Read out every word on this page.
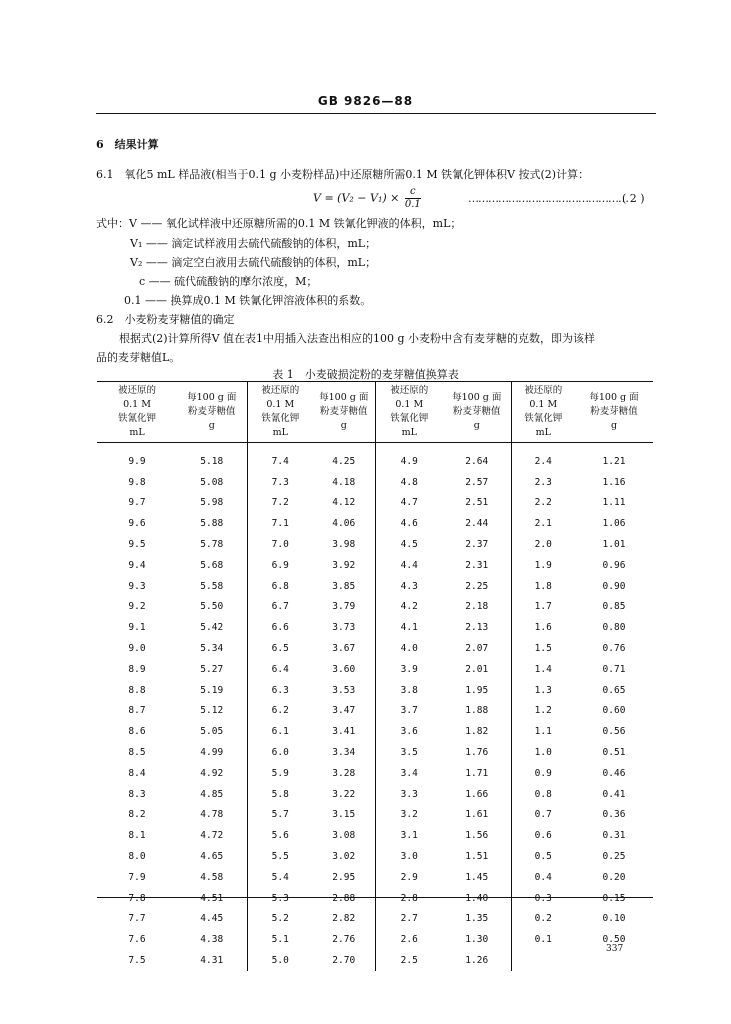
GB 9826—88
6　结果计算
6.1　氧化5 mL 样品液(相当于0.1 g 小麦粉样品)中还原糖所需0.1 M 铁氰化钾体积V 按式(2)计算：
$V = (V_2 - V_1) \times \frac{c}{0.1}$	…………………………………………
( 2 )
式中：V —— 氧化试样液中还原糖所需的0.1 M 铁氰化钾液的体积，mL；
V₁ —— 滴定试样液用去硫代硫酸钠的体积，mL；
V₂ —— 滴定空白液用去硫代硫酸钠的体积，mL；
c —— 硫代硫酸钠的摩尔浓度，M；
0.1 —— 换算成0.1 M 铁氰化钾溶液体积的系数。
6.2　小麦粉麦芽糖值的确定
根据式(2)计算所得V 值在表1中用插入法查出相应的100 g 小麦粉中含有麦芽糖的克数，即为该样
品的麦芽糖值L。
表 1　小麦破损淀粉的麦芽糖值换算表
被还原的
0.1 M
铁氰化钾
mL	每100 g 面
粉麦芽糖值
g	被还原的
0.1 M
铁氰化钾
mL	每100 g 面
粉麦芽糖值
g	被还原的
0.1 M
铁氰化钾
mL	每100 g 面
粉麦芽糖值
g	被还原的
0.1 M
铁氰化钾
mL	每100 g 面
粉麦芽糖值
g
9.9	5.18	7.4	4.25	4.9	2.64	2.4	1.21
9.8	5.08	7.3	4.18	4.8	2.57	2.3	1.16
9.7	5.98	7.2	4.12	4.7	2.51	2.2	1.11
9.6	5.88	7.1	4.06	4.6	2.44	2.1	1.06
9.5	5.78	7.0	3.98	4.5	2.37	2.0	1.01
9.4	5.68	6.9	3.92	4.4	2.31	1.9	0.96
9.3	5.58	6.8	3.85	4.3	2.25	1.8	0.90
9.2	5.50	6.7	3.79	4.2	2.18	1.7	0.85
9.1	5.42	6.6	3.73	4.1	2.13	1.6	0.80
9.0	5.34	6.5	3.67	4.0	2.07	1.5	0.76
8.9	5.27	6.4	3.60	3.9	2.01	1.4	0.71
8.8	5.19	6.3	3.53	3.8	1.95	1.3	0.65
8.7	5.12	6.2	3.47	3.7	1.88	1.2	0.60
8.6	5.05	6.1	3.41	3.6	1.82	1.1	0.56
8.5	4.99	6.0	3.34	3.5	1.76	1.0	0.51
8.4	4.92	5.9	3.28	3.4	1.71	0.9	0.46
8.3	4.85	5.8	3.22	3.3	1.66	0.8	0.41
8.2	4.78	5.7	3.15	3.2	1.61	0.7	0.36
8.1	4.72	5.6	3.08	3.1	1.56	0.6	0.31
8.0	4.65	5.5	3.02	3.0	1.51	0.5	0.25
7.9	4.58	5.4	2.95	2.9	1.45	0.4	0.20
7.8	4.51	5.3	2.88	2.8	1.40	0.3	0.15
7.7	4.45	5.2	2.82	2.7	1.35	0.2	0.10
7.6	4.38	5.1	2.76	2.6	1.30	0.1	0.50
7.5	4.31	5.0	2.70	2.5	1.26		
337
